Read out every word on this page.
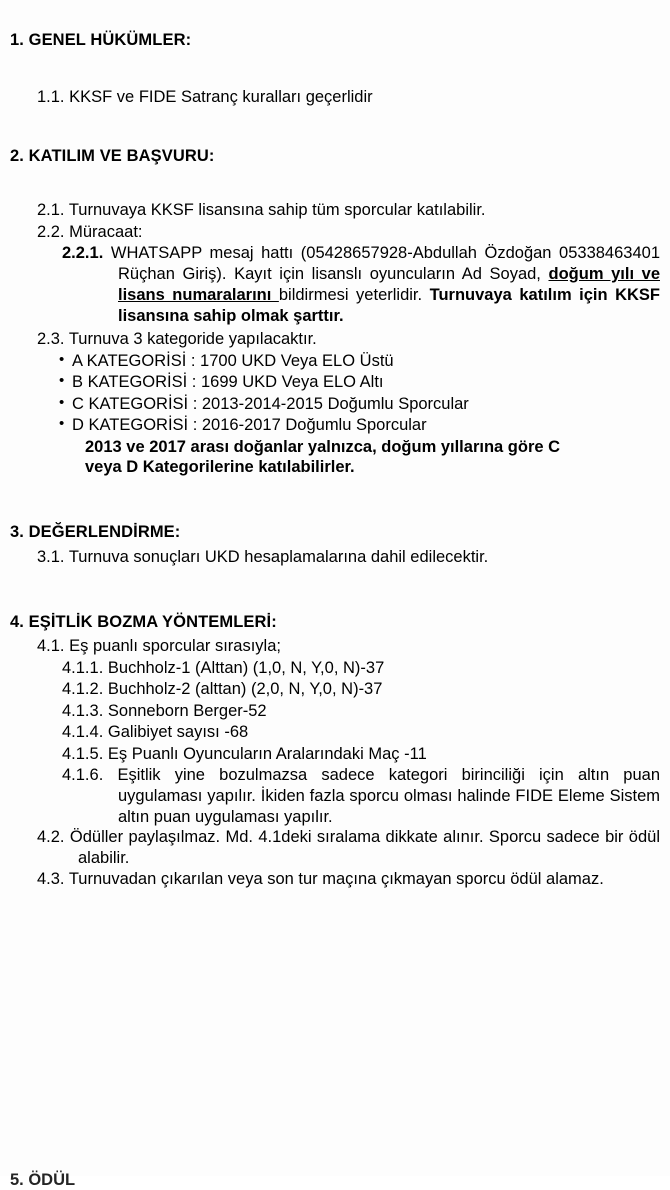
1. GENEL HÜKÜMLER:
1.1. KKSF ve FIDE Satranç kuralları geçerlidir
2. KATILIM VE BAŞVURU:
2.1. Turnuvaya KKSF lisansına sahip tüm sporcular katılabilir.
2.2. Müracaat:
2.2.1. WHATSAPP mesaj hattı (05428657928-Abdullah Özdoğan 05338463401 Rüçhan Giriş). Kayıt için lisanslı oyuncuların Ad Soyad, doğum yılı ve lisans numaralarını bildirmesi yeterlidir. Turnuvaya katılım için KKSF lisansına sahip olmak şarttır.
2.3. Turnuva 3 kategoride yapılacaktır.
• A KATEGORİSİ : 1700 UKD Veya ELO Üstü
• B KATEGORİSİ : 1699 UKD Veya ELO Altı
• C KATEGORİSİ : 2013-2014-2015 Doğumlu Sporcular
• D KATEGORİSİ : 2016-2017 Doğumlu Sporcular
2013 ve 2017 arası doğanlar yalnızca, doğum yıllarına göre C
veya D Kategorilerine katılabilirler.
3. DEĞERLENDİRME:
3.1. Turnuva sonuçları UKD hesaplamalarına dahil edilecektir.
4. EŞİTLİK BOZMA YÖNTEMLERİ:
4.1. Eş puanlı sporcular sırasıyla;
4.1.1. Buchholz-1 (Alttan) (1,0, N, Y,0, N)-37
4.1.2. Buchholz-2 (alttan) (2,0, N, Y,0, N)-37
4.1.3. Sonneborn Berger-52
4.1.4. Galibiyet sayısı -68
4.1.5. Eş Puanlı Oyuncuların Aralarındaki Maç -11
4.1.6. Eşitlik yine bozulmazsa sadece kategori birinciliği için altın puan uygulaması yapılır. İkiden fazla sporcu olması halinde FIDE Eleme Sistem altın puan uygulaması yapılır.
4.2. Ödüller paylaşılmaz. Md. 4.1deki sıralama dikkate alınır. Sporcu sadece bir ödül alabilir.
4.3. Turnuvadan çıkarılan veya son tur maçına çıkmayan sporcu ödül alamaz.
5. ÖDÜL
